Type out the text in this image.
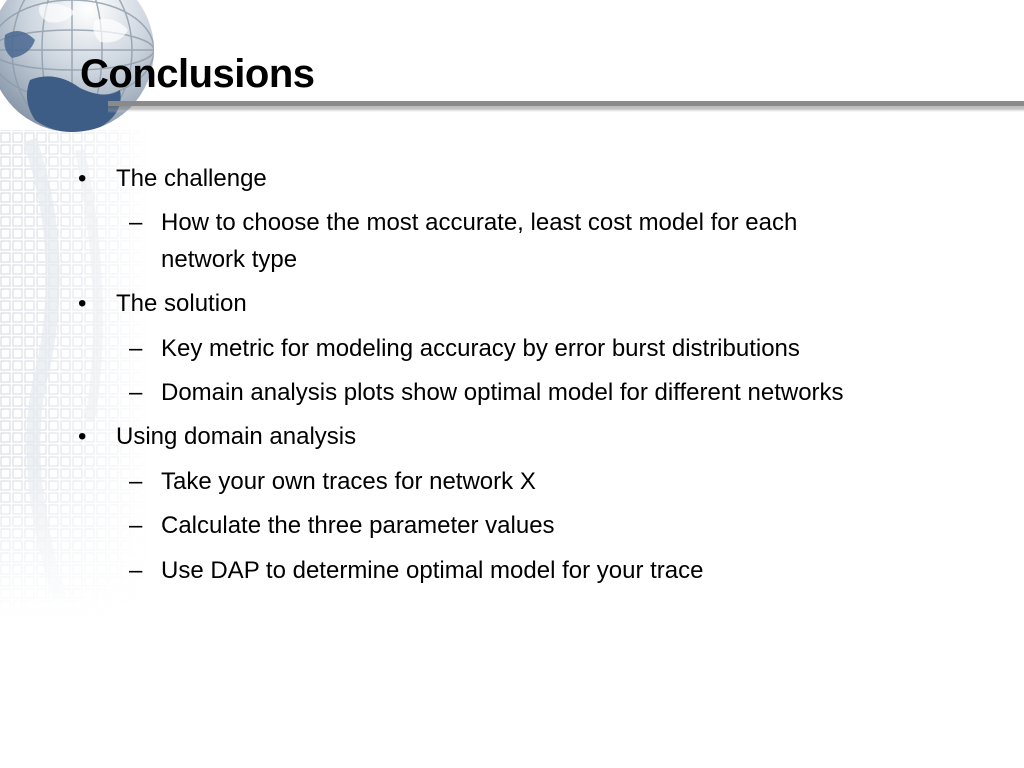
Conclusions
• The challenge
– How to choose the most accurate, least cost model for each
network type
• The solution
– Key metric for modeling accuracy by error burst distributions
– Domain analysis plots show optimal model for different networks
• Using domain analysis
– Take your own traces for network X
– Calculate the three parameter values
– Use DAP to determine optimal model for your trace
